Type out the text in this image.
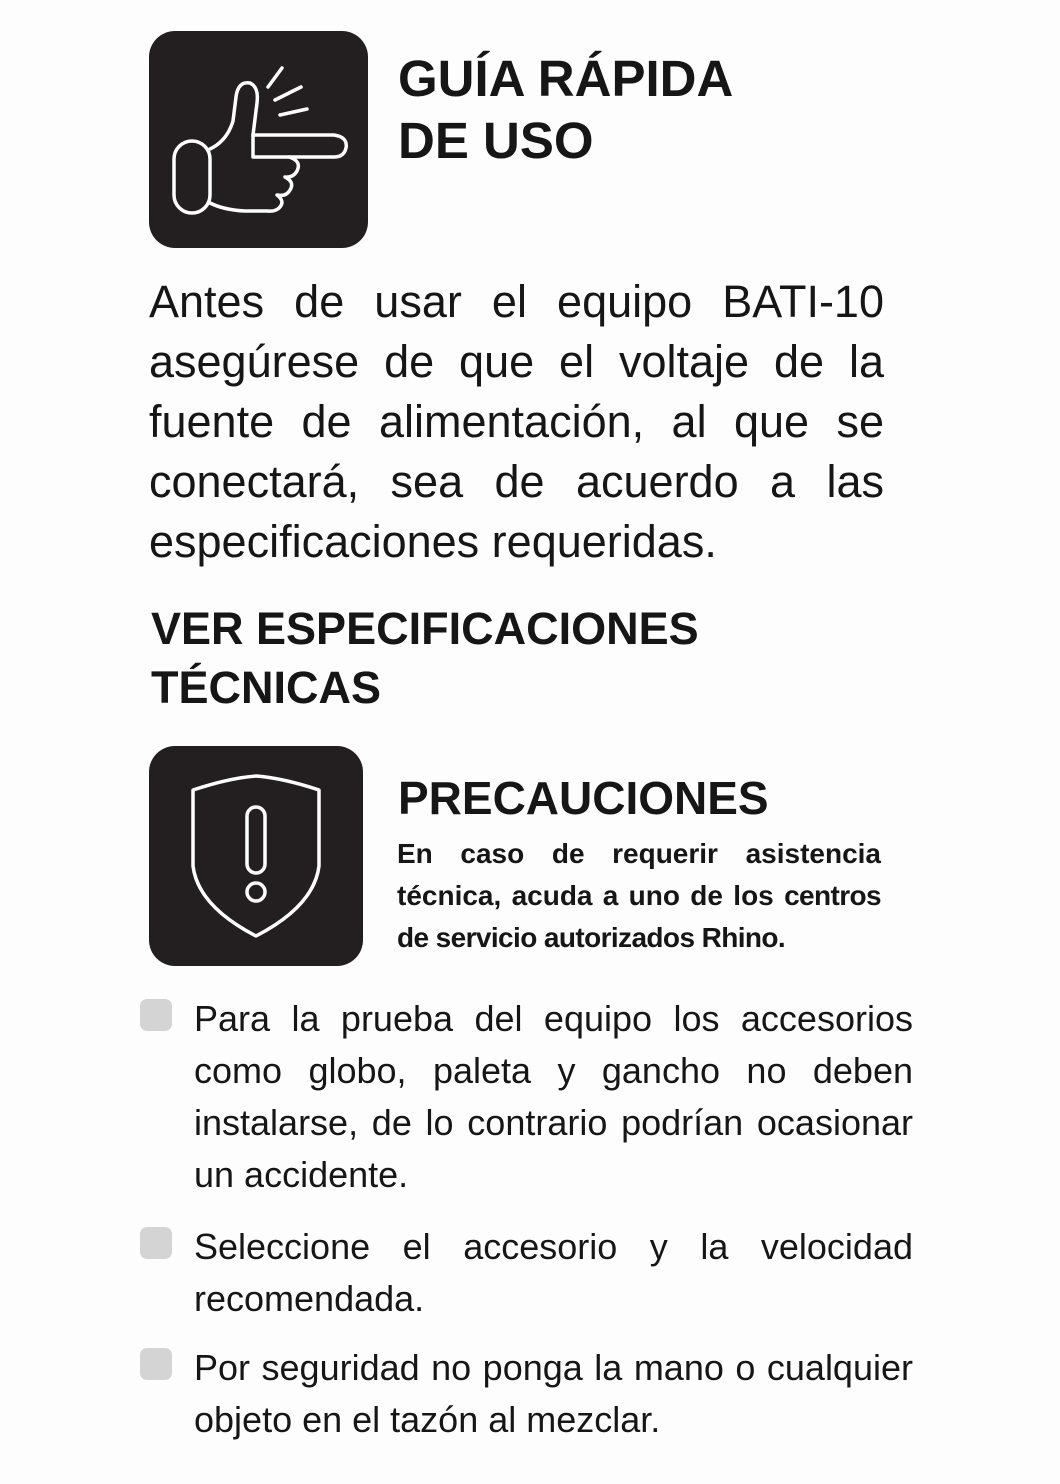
GUÍA RÁPIDA
DE USO

Antes de usar el equipo BATI-10 asegúrese de que el voltaje de la fuente de alimentación, al que se conectará, sea de acuerdo a las especificaciones requeridas.

VER ESPECIFICACIONES
TÉCNICAS
PRECAUCIONES

En caso de requerir asistencia técnica, acuda a uno de los centros de servicio autorizados Rhino.

Para la prueba del equipo los accesorios como globo, paleta y gancho no deben instalarse, de lo contrario podrían ocasionar un accidente.

Seleccione el accesorio y la velocidad recomendada.

Por seguridad no ponga la mano o cualquier objeto en el tazón al mezclar.
